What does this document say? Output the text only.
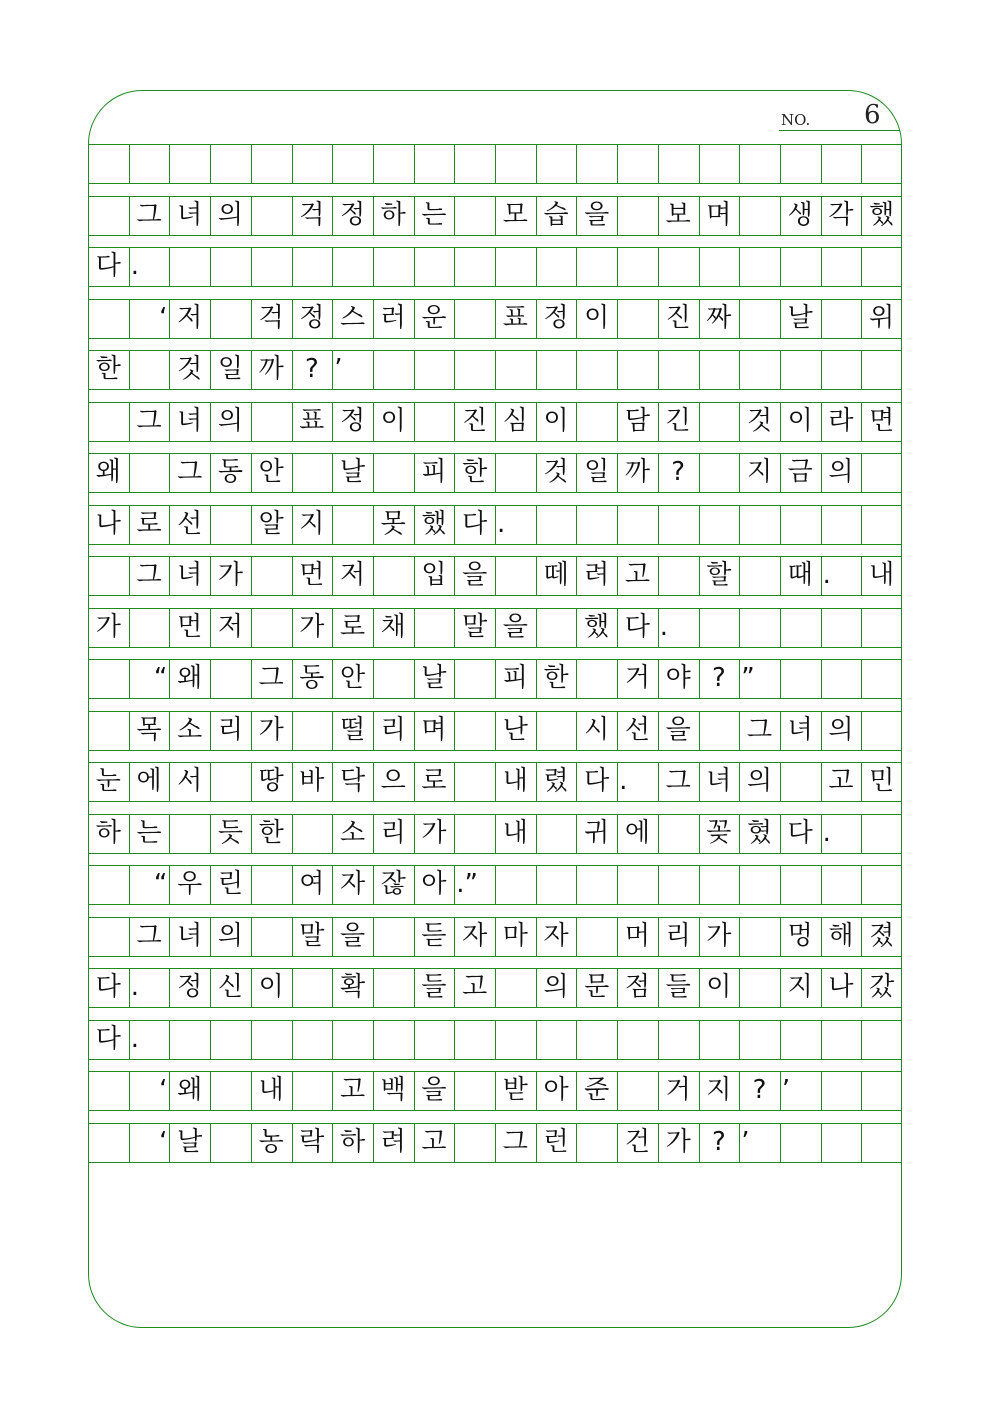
NO. 6
그 녀 의 걱 정 하 는 모 습 을 보 며 생 각 했
다 .
‘ 저 걱 정 스 러 운 표 정 이 진 짜 날 위
한 것 일 까 ? ’
그 녀 의 표 정 이 진 심 이 담 긴 것 이 라 면
왜 그 동 안 날 피 한 것 일 까 ?	지 금 의
나 로 선 알 지 못 했 다 .
그 녀 가 먼 저 입 을 떼 려 고 할 때 .	내
가 먼 저 가 로 채 말 을 했 다 .
“ 왜 그 동 안 날 피 한 거 야 ? ”
목 소 리 가 떨 리 며 난 시 선 을 그 녀 의
눈 에 서 땅 바 닥 으 로 내 렸 다 .	그 녀 의 고 민
하 는 듯 한 소 리 가 내 귀 에 꽂 혔 다 .
“ 우 린 여 자 잖 아 .”
그 녀 의 말 을 듣 자 마 자 머 리 가 멍 해 졌
다 .	정 신 이 확 들 고 의 문 점 들 이 지 나 갔
다 .
‘ 왜 내 고 백 을 받 아 준 거 지 ? ’
‘ 날 농 락 하 려 고 그 런 건 가 ? ’
